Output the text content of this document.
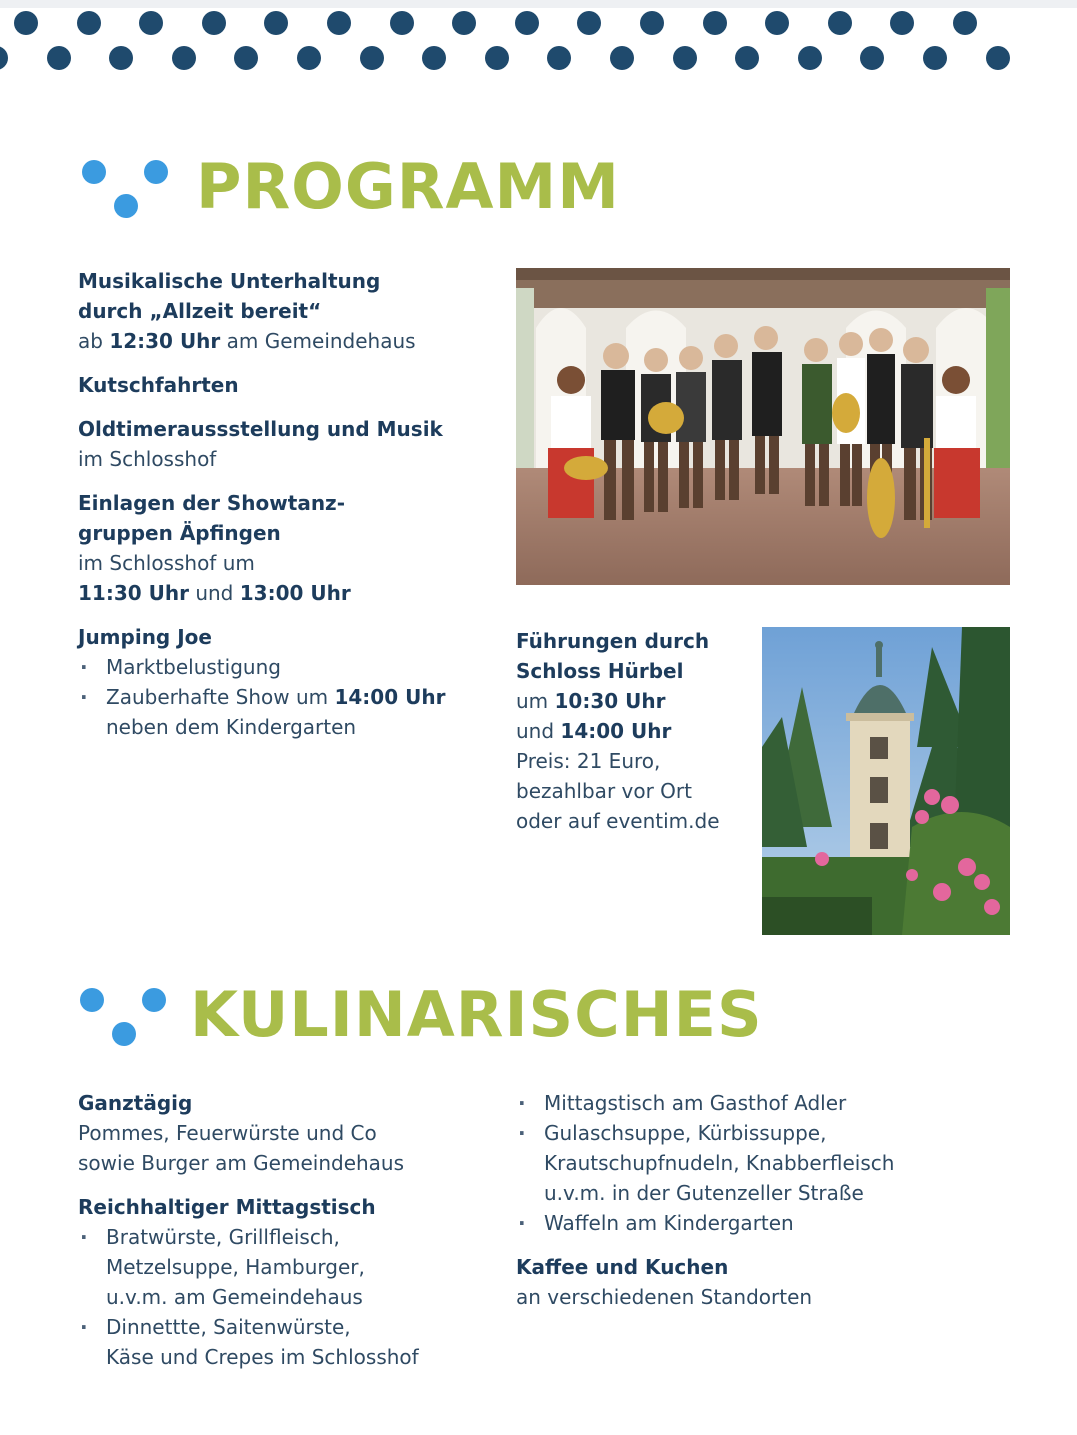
PROGRAMM

Musikalische Unterhaltung

durch „Allzeit bereit“

ab 12:30 Uhr am Gemeindehaus

Kutschfahrten

Oldtimeraussstellung und Musik

im Schlosshof

Einlagen der Showtanz-

gruppen Äpfingen

im Schlosshof um

11:30 Uhr und 13:00 Uhr

Jumping Joe

· Marktbelustigung
· Zauberhafte Show um 14:00 Uhr
neben dem Kindergarten

Führungen durch

Schloss Hürbel

um 10:30 Uhr

und 14:00 Uhr

Preis: 21 Euro,

bezahlbar vor Ort

oder auf eventim.de

KULINARISCHES

Ganztägig

Pommes, Feuerwürste und Co

sowie Burger am Gemeindehaus

Reichhaltiger Mittagstisch

· Bratwürste, Grillfleisch,
Metzelsuppe, Hamburger,
u.v.m. am Gemeindehaus
· Dinnettte, Saitenwürste,
Käse und Crepes im Schlosshof
· Mittagstisch am Gasthof Adler
· Gulaschsuppe, Kürbissuppe,
Krautschupfnudeln, Knabberfleisch
u.v.m. in der Gutenzeller Straße
· Waffeln am Kindergarten

Kaffee und Kuchen

an verschiedenen Standorten
